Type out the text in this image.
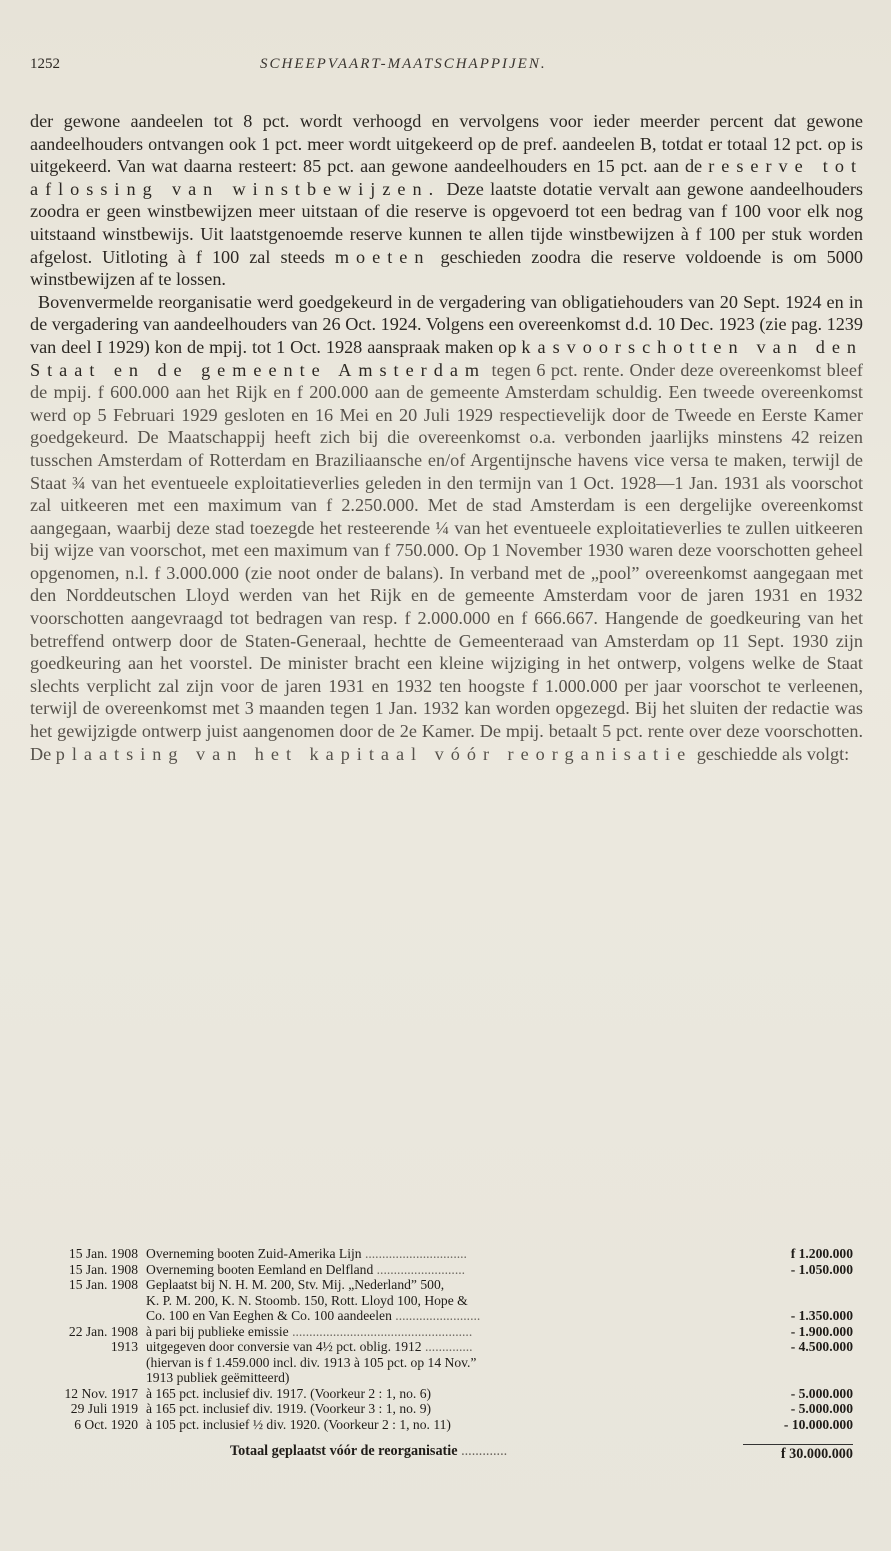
1252	SCHEEPVAART-MAATSCHAPPIJEN.

der gewone aandeelen tot 8 pct. wordt verhoogd en vervolgens voor ieder meerder percent dat gewone aandeelhouders ontvangen ook 1 pct. meer wordt uitgekeerd op de pref. aandeelen B, totdat er totaal 12 pct. op is uitgekeerd. Van wat daarna resteert: 85 pct. aan gewone aandeelhouders en 15 pct. aan de reserve tot aflossing van winstbewijzen. Deze laatste dotatie vervalt aan gewone aandeelhouders zoodra er geen winstbewijzen meer uitstaan of die reserve is opgevoerd tot een bedrag van f 100 voor elk nog uitstaand winstbewijs. Uit laatstgenoemde reserve kunnen te allen tijde winstbewijzen à f 100 per stuk worden afgelost. Uitloting à f 100 zal steeds moeten geschieden zoodra die reserve voldoende is om 5000 winstbewijzen af te lossen.

Bovenvermelde reorganisatie werd goedgekeurd in de vergadering van obligatiehouders van 20 Sept. 1924 en in de vergadering van aandeelhouders van 26 Oct. 1924. Volgens een overeenkomst d.d. 10 Dec. 1923 (zie pag. 1239 van deel I 1929) kon de mpij. tot 1 Oct. 1928 aanspraak maken op kasvoorschotten van den Staat en de gemeente Amsterdam tegen 6 pct. rente. Onder deze overeenkomst bleef de mpij. f 600.000 aan het Rijk en f 200.000 aan de gemeente Amsterdam schuldig. Een tweede overeenkomst werd op 5 Februari 1929 gesloten en 16 Mei en 20 Juli 1929 respectievelijk door de Tweede en Eerste Kamer goedgekeurd. De Maatschappij heeft zich bij die overeenkomst o.a. verbonden jaarlijks minstens 42 reizen tusschen Amsterdam of Rotterdam en Braziliaansche en/of Argentijnsche havens vice versa te maken, terwijl de Staat ¾ van het eventueele exploitatieverlies geleden in den termijn van 1 Oct. 1928—1 Jan. 1931 als voorschot zal uitkeeren met een maximum van f 2.250.000. Met de stad Amsterdam is een dergelijke overeenkomst aangegaan, waarbij deze stad toezegde het resteerende ¼ van het eventueele exploitatieverlies te zullen uitkeeren bij wijze van voorschot, met een maximum van f 750.000. Op 1 November 1930 waren deze voorschotten geheel opgenomen, n.l. f 3.000.000 (zie noot onder de balans). In verband met de „pool” overeenkomst aangegaan met den Norddeutschen Lloyd werden van het Rijk en de gemeente Amsterdam voor de jaren 1931 en 1932 voorschotten aangevraagd tot bedragen van resp. f 2.000.000 en f 666.667. Hangende de goedkeuring van het betreffend ontwerp door de Staten-Generaal, hechtte de Gemeenteraad van Amsterdam op 11 Sept. 1930 zijn goedkeuring aan het voorstel. De minister bracht een kleine wijziging in het ontwerp, volgens welke de Staat slechts verplicht zal zijn voor de jaren 1931 en 1932 ten hoogste f 1.000.000 per jaar voorschot te verleenen, terwijl de overeenkomst met 3 maanden tegen 1 Jan. 1932 kan worden opgezegd. Bij het sluiten der redactie was het gewijzigde ontwerp juist aangenomen door de 2e Kamer. De mpij. betaalt 5 pct. rente over deze voorschotten. De plaatsing van het kapitaal vóór reorganisatie geschiedde als volgt:

15 Jan. 1908 Overneming booten Zuid-Amerika Lijn ..............................	f 1.200.000
15 Jan. 1908 Overneming booten Eemland en Delfland ..........................	- 1.050.000
15 Jan. 1908 Geplaatst bij N. H. M. 200, Stv. Mij. „Nederland” 500,
K. P. M. 200, K. N. Stoomb. 150, Rott. Lloyd 100, Hope &
Co. 100 en Van Eeghen & Co. 100 aandeelen .........................	- 1.350.000
22 Jan. 1908 à pari bij publieke emissie .....................................................	- 1.900.000
1913 uitgegeven door conversie van 4½ pct. oblig. 1912 ..............	- 4.500.000
(hiervan is f 1.459.000 incl. div. 1913 à 105 pct. op 14 Nov.”
1913 publiek geëmitteerd)
12 Nov. 1917 à 165 pct. inclusief div. 1917. (Voorkeur 2 : 1, no. 6)	- 5.000.000
29 Juli 1919 à 165 pct. inclusief div. 1919. (Voorkeur 3 : 1, no. 9)	- 5.000.000
6 Oct. 1920 à 105 pct. inclusief ½ div. 1920. (Voorkeur 2 : 1, no. 11)	- 10.000.000
Totaal geplaatst vóór de reorganisatie .............	f 30.000.000
